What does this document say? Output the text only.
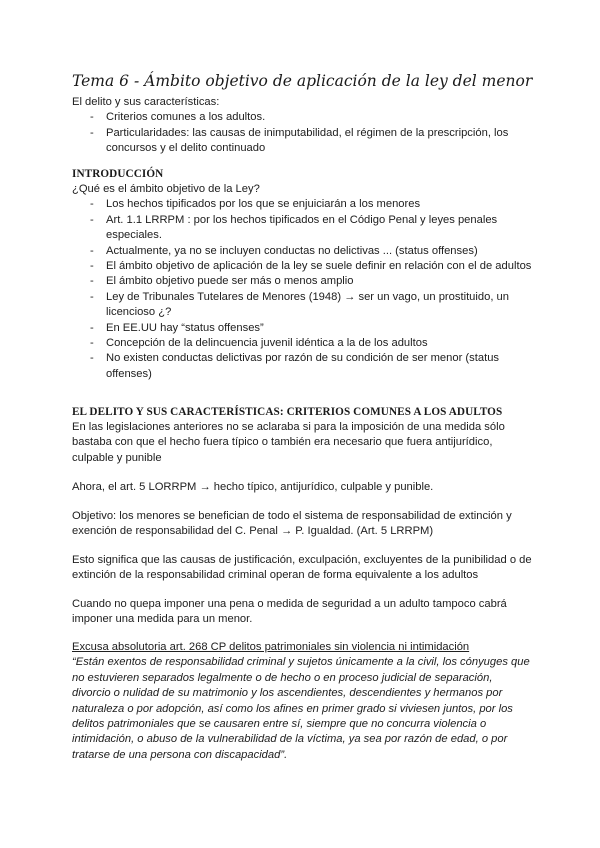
Tema 6 - Ámbito objetivo de aplicación de la ley del menor

El delito y sus características:

- Criterios comunes a los adultos.
- Particularidades: las causas de inimputabilidad, el régimen de la prescripción, los concursos y el delito continuado
INTRODUCCIÓN

¿Qué es el ámbito objetivo de la Ley?

- Los hechos tipificados por los que se enjuiciarán a los menores
- Art. 1.1 LRRPM : por los hechos tipificados en el Código Penal y leyes penales especiales.
- Actualmente, ya no se incluyen conductas no delictivas ... (status offenses)
- El ámbito objetivo de aplicación de la ley se suele definir en relación con el de adultos
- El ámbito objetivo puede ser más o menos amplio
- Ley de Tribunales Tutelares de Menores (1948) → ser un vago, un prostituido, un licencioso ¿?
- En EE.UU hay “status offenses”
- Concepción de la delincuencia juvenil idéntica a la de los adultos
- No existen conductas delictivas por razón de su condición de ser menor (status offenses)
EL DELITO Y SUS CARACTERÍSTICAS: CRITERIOS COMUNES A LOS ADULTOS

En las legislaciones anteriores no se aclaraba si para la imposición de una medida sólo bastaba con que el hecho fuera típico o también era necesario que fuera antijurídico, culpable y punible

Ahora, el art. 5 LORRPM → hecho típico, antijurídico, culpable y punible.

Objetivo: los menores se benefician de todo el sistema de responsabilidad de extinción y exención de responsabilidad del C. Penal → P. Igualdad. (Art. 5 LRRPM)

Esto significa que las causas de justificación, exculpación, excluyentes de la punibilidad o de extinción de la responsabilidad criminal operan de forma equivalente a los adultos

Cuando no quepa imponer una pena o medida de seguridad a un adulto tampoco cabrá imponer una medida para un menor.

Excusa absolutoria art. 268 CP delitos patrimoniales sin violencia ni intimidación

“Están exentos de responsabilidad criminal y sujetos únicamente a la civil, los cónyuges que no estuvieren separados legalmente o de hecho o en proceso judicial de separación, divorcio o nulidad de su matrimonio y los ascendientes, descendientes y hermanos por naturaleza o por adopción, así como los afines en primer grado si viviesen juntos, por los delitos patrimoniales que se causaren entre sí, siempre que no concurra violencia o intimidación, o abuso de la vulnerabilidad de la víctima, ya sea por razón de edad, o por tratarse de una persona con discapacidad”.
